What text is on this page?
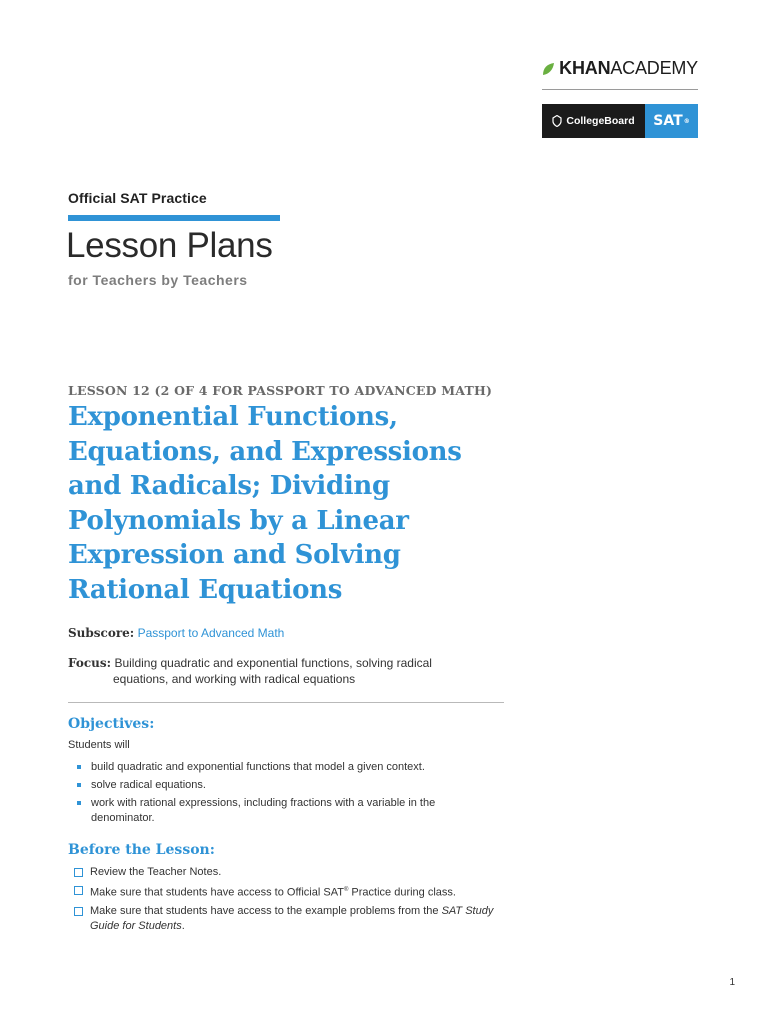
KHANACADEMY
CollegeBoard SAT ®
Official SAT Practice
Lesson Plans
for Teachers by Teachers
LESSON 12 (2 OF 4 FOR PASSPORT TO ADVANCED MATH)
Exponential Functions,
Equations, and Expressions
and Radicals; Dividing
Polynomials by a Linear
Expression and Solving
Rational Equations
Subscore: Passport to Advanced Math
Focus: Building quadratic and exponential functions, solving radical
equations, and working with radical equations
Objectives:
Students will
build quadratic and exponential functions that model a given context.
solve radical equations.
work with rational expressions, including fractions with a variable in the denominator.
Before the Lesson:
Review the Teacher Notes.
Make sure that students have access to Official SAT® Practice during class.
Make sure that students have access to the example problems from the SAT Study Guide for Students.
1
